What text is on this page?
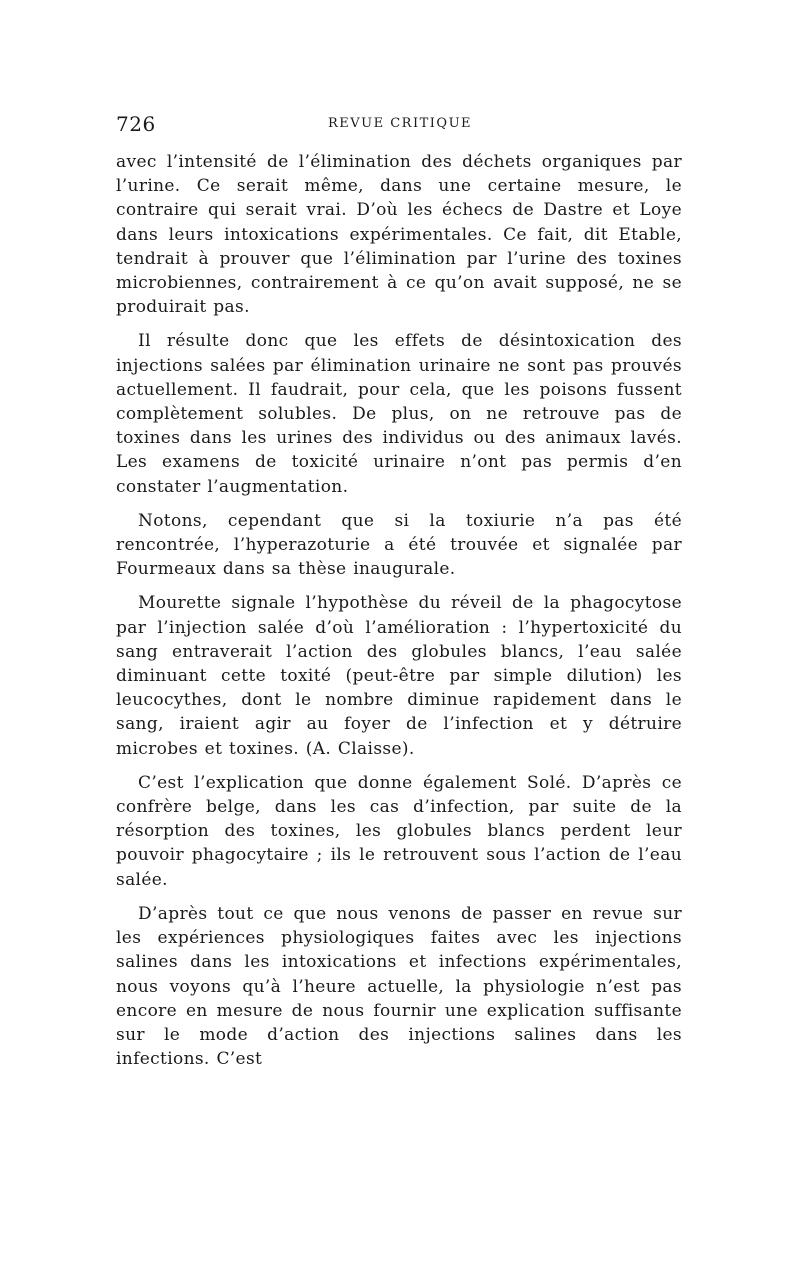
726	REVUE CRITIQUE

avec l’intensité de l’élimination des déchets organiques par l’urine. Ce serait même, dans une certaine mesure, le contraire qui serait vrai. D’où les échecs de Dastre et Loye dans leurs intoxications expérimentales. Ce fait, dit Etable, tendrait à prouver que l’élimination par l’urine des toxines microbiennes, contrairement à ce qu’on avait supposé, ne se produirait pas.

Il résulte donc que les effets de désintoxication des injections salées par élimination urinaire ne sont pas prouvés actuellement. Il faudrait, pour cela, que les poisons fussent complètement solubles. De plus, on ne retrouve pas de toxines dans les urines des individus ou des animaux lavés. Les examens de toxicité urinaire n’ont pas permis d’en constater l’augmentation.

Notons, cependant que si la toxiurie n’a pas été rencontrée, l’hyperazoturie a été trouvée et signalée par Fourmeaux dans sa thèse inaugurale.

Mourette signale l’hypothèse du réveil de la phagocytose par l’injection salée d’où l’amélioration : l’hypertoxicité du sang entraverait l’action des globules blancs, l’eau salée diminuant cette toxité (peut-être par simple dilution) les leucocythes, dont le nombre diminue rapidement dans le sang, iraient agir au foyer de l’infection et y détruire microbes et toxines. (A. Claisse).

C’est l’explication que donne également Solé. D’après ce confrère belge, dans les cas d’infection, par suite de la résorption des toxines, les globules blancs perdent leur pouvoir phagocytaire ; ils le retrouvent sous l’action de l’eau salée.

D’après tout ce que nous venons de passer en revue sur les expériences physiologiques faites avec les injections salines dans les intoxications et infections expérimentales, nous voyons qu’à l’heure actuelle, la physiologie n’est pas encore en mesure de nous fournir une explication suffisante sur le mode d’action des injections salines dans les infections. C’est
